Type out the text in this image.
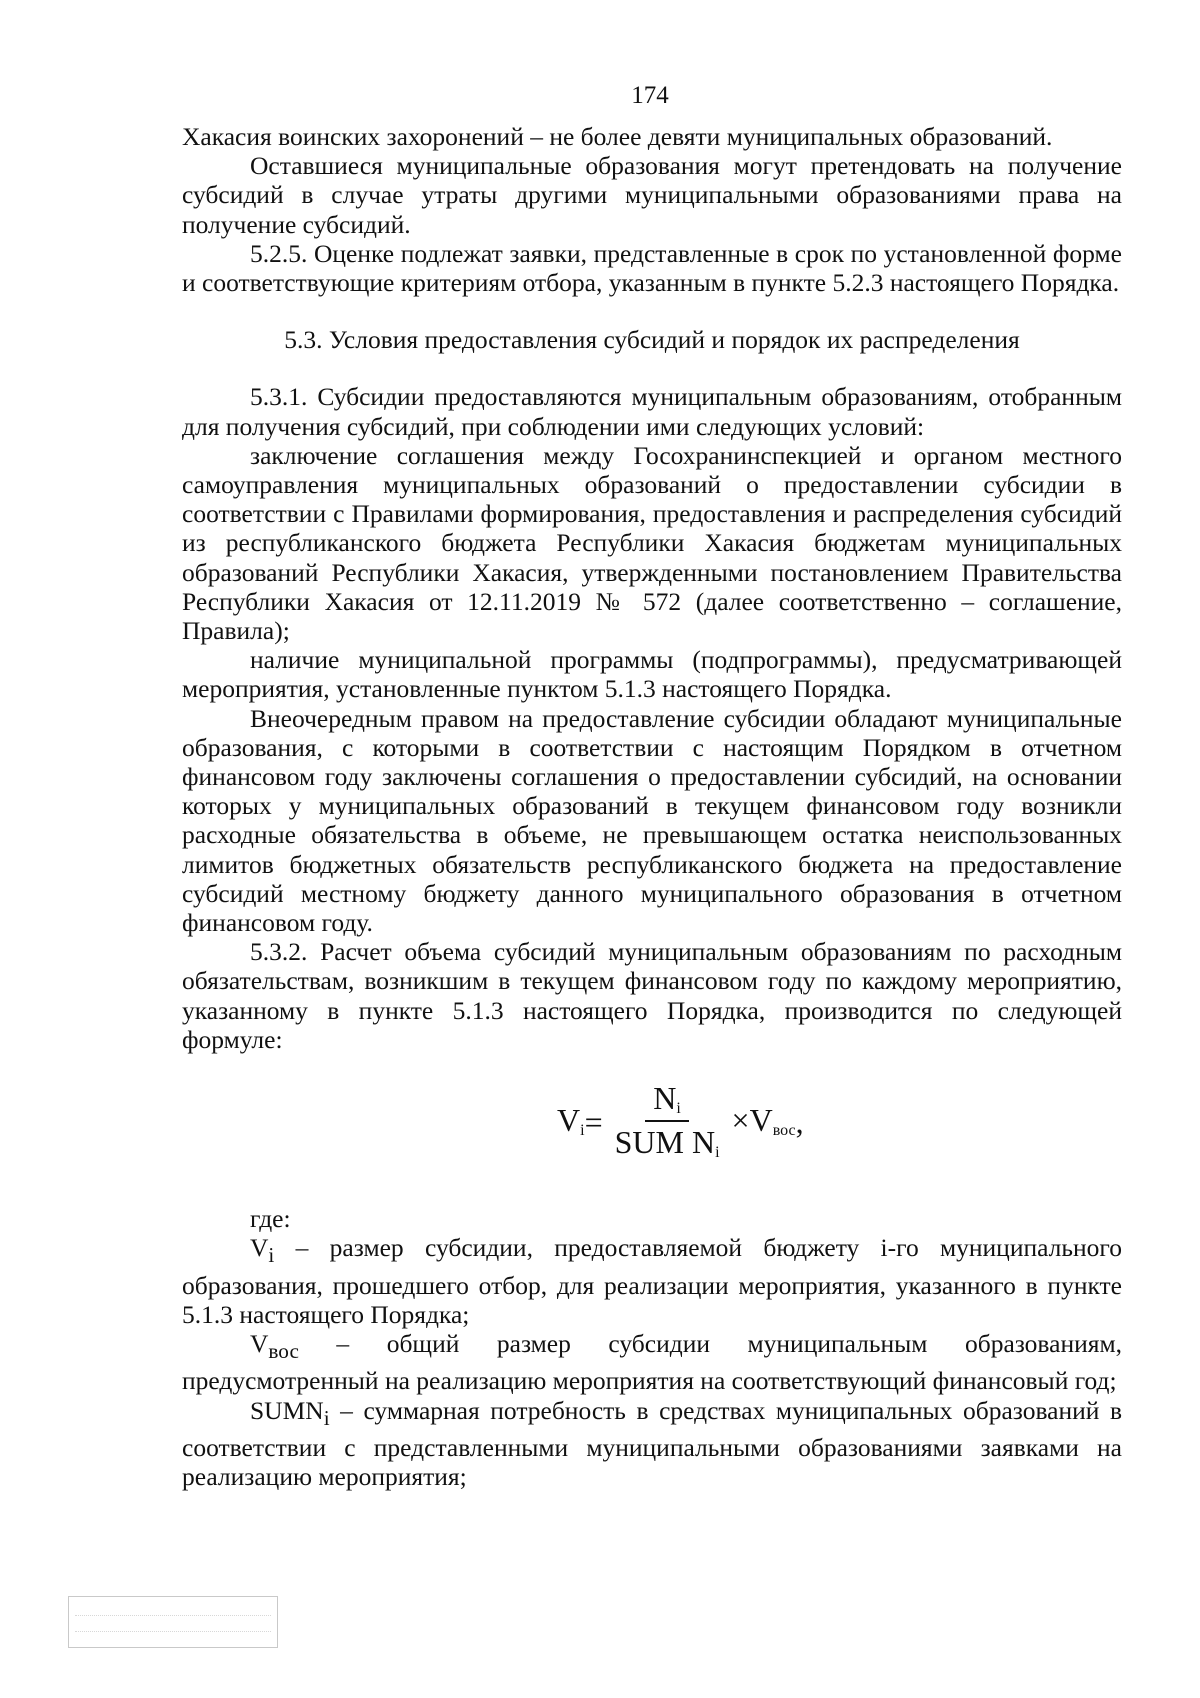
174

Хакасия воинских захоронений – не более девяти муниципальных образований.

Оставшиеся муниципальные образования могут претендовать на получение субсидий в случае утраты другими муниципальными образованиями права на получение субсидий.

5.2.5. Оценке подлежат заявки, представленные в срок по установленной форме и соответствующие критериям отбора, указанным в пункте 5.2.3 настоящего Порядка.

5.3. Условия предоставления субсидий и порядок их распределения

5.3.1. Субсидии предоставляются муниципальным образованиям, отобранным для получения субсидий, при соблюдении ими следующих условий:

заключение соглашения между Госохранинспекцией и органом местного самоуправления муниципальных образований о предоставлении субсидии в соответствии с Правилами формирования, предоставления и распределения субсидий из республиканского бюджета Республики Хакасия бюджетам муниципальных образований Республики Хакасия, утвержденными постановлением Правительства Республики Хакасия от 12.11.2019 № 572 (далее соответственно – соглашение, Правила);

наличие муниципальной программы (подпрограммы), предусматривающей мероприятия, установленные пунктом 5.1.3 настоящего Порядка.

Внеочередным правом на предоставление субсидии обладают муниципальные образования, с которыми в соответствии с настоящим Порядком в отчетном финансовом году заключены соглашения о предоставлении субсидий, на основании которых у муниципальных образований в текущем финансовом году возникли расходные обязательства в объеме, не превышающем остатка неиспользованных лимитов бюджетных обязательств республиканского бюджета на предоставление субсидий местному бюджету данного муниципального образования в отчетном финансовом году.

5.3.2. Расчет объема субсидий муниципальным образованиям по расходным обязательствам, возникшим в текущем финансовом году по каждому мероприятию, указанному в пункте 5.1.3 настоящего Порядка, производится по следующей формуле:

$V_i = \frac{N_i}{SUM N_i} \times V_{вос}$ ,

где:

$V_i$ – размер субсидии, предоставляемой бюджету i-го муниципального образования, прошедшего отбор, для реализации мероприятия, указанного в пункте 5.1.3 настоящего Порядка;

$V_{вос}$ – общий размер субсидии муниципальным образованиям, предусмотренный на реализацию мероприятия на соответствующий финансовый год;

$SUMN_i$ – суммарная потребность в средствах муниципальных образований в соответствии с представленными муниципальными образованиями заявками на реализацию мероприятия;
